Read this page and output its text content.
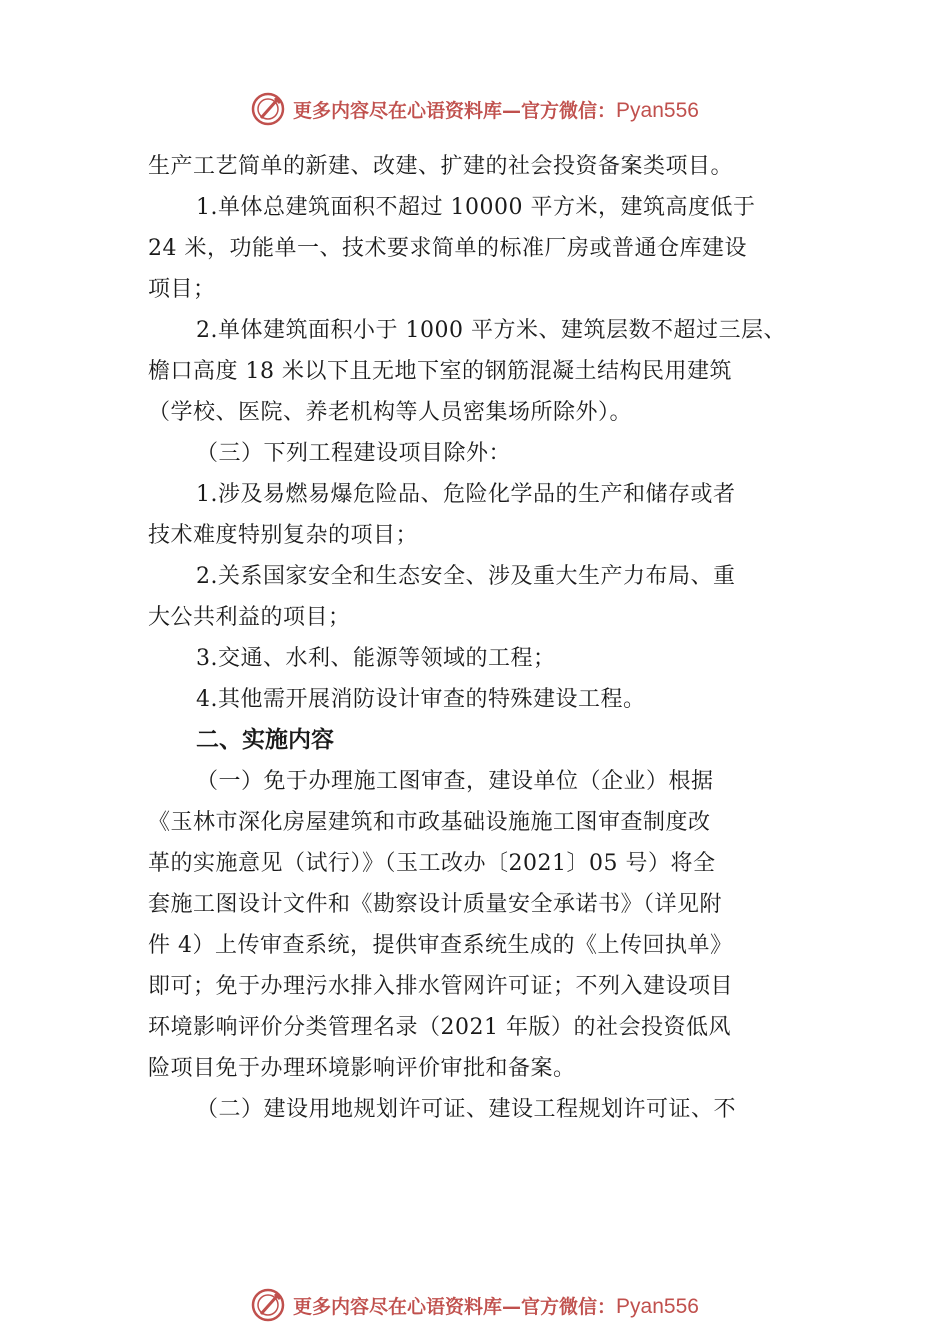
更多内容尽在心语资料库—官方微信：Pyan556
生产工艺简单的新建、改建、扩建的社会投资备案类项目。
1.单体总建筑面积不超过 10000 平方米，建筑高度低于
24 米，功能单一、技术要求简单的标准厂房或普通仓库建设
项目；
2.单体建筑面积小于 1000 平方米、建筑层数不超过三层、
檐口高度 18 米以下且无地下室的钢筋混凝土结构民用建筑
（学校、医院、养老机构等人员密集场所除外）。
（三）下列工程建设项目除外：
1.涉及易燃易爆危险品、危险化学品的生产和储存或者
技术难度特别复杂的项目；
2.关系国家安全和生态安全、涉及重大生产力布局、重
大公共利益的项目；
3.交通、水利、能源等领域的工程；
4.其他需开展消防设计审查的特殊建设工程。
二、实施内容
（一）免于办理施工图审查，建设单位（企业）根据
《玉林市深化房屋建筑和市政基础设施施工图审查制度改
革的实施意见（试行）》（玉工改办〔2021〕05 号）将全
套施工图设计文件和《勘察设计质量安全承诺书》（详见附
件 4）上传审查系统，提供审查系统生成的《上传回执单》
即可；免于办理污水排入排水管网许可证；不列入建设项目
环境影响评价分类管理名录（2021 年版）的社会投资低风
险项目免于办理环境影响评价审批和备案。
（二）建设用地规划许可证、建设工程规划许可证、不
更多内容尽在心语资料库—官方微信：Pyan556
